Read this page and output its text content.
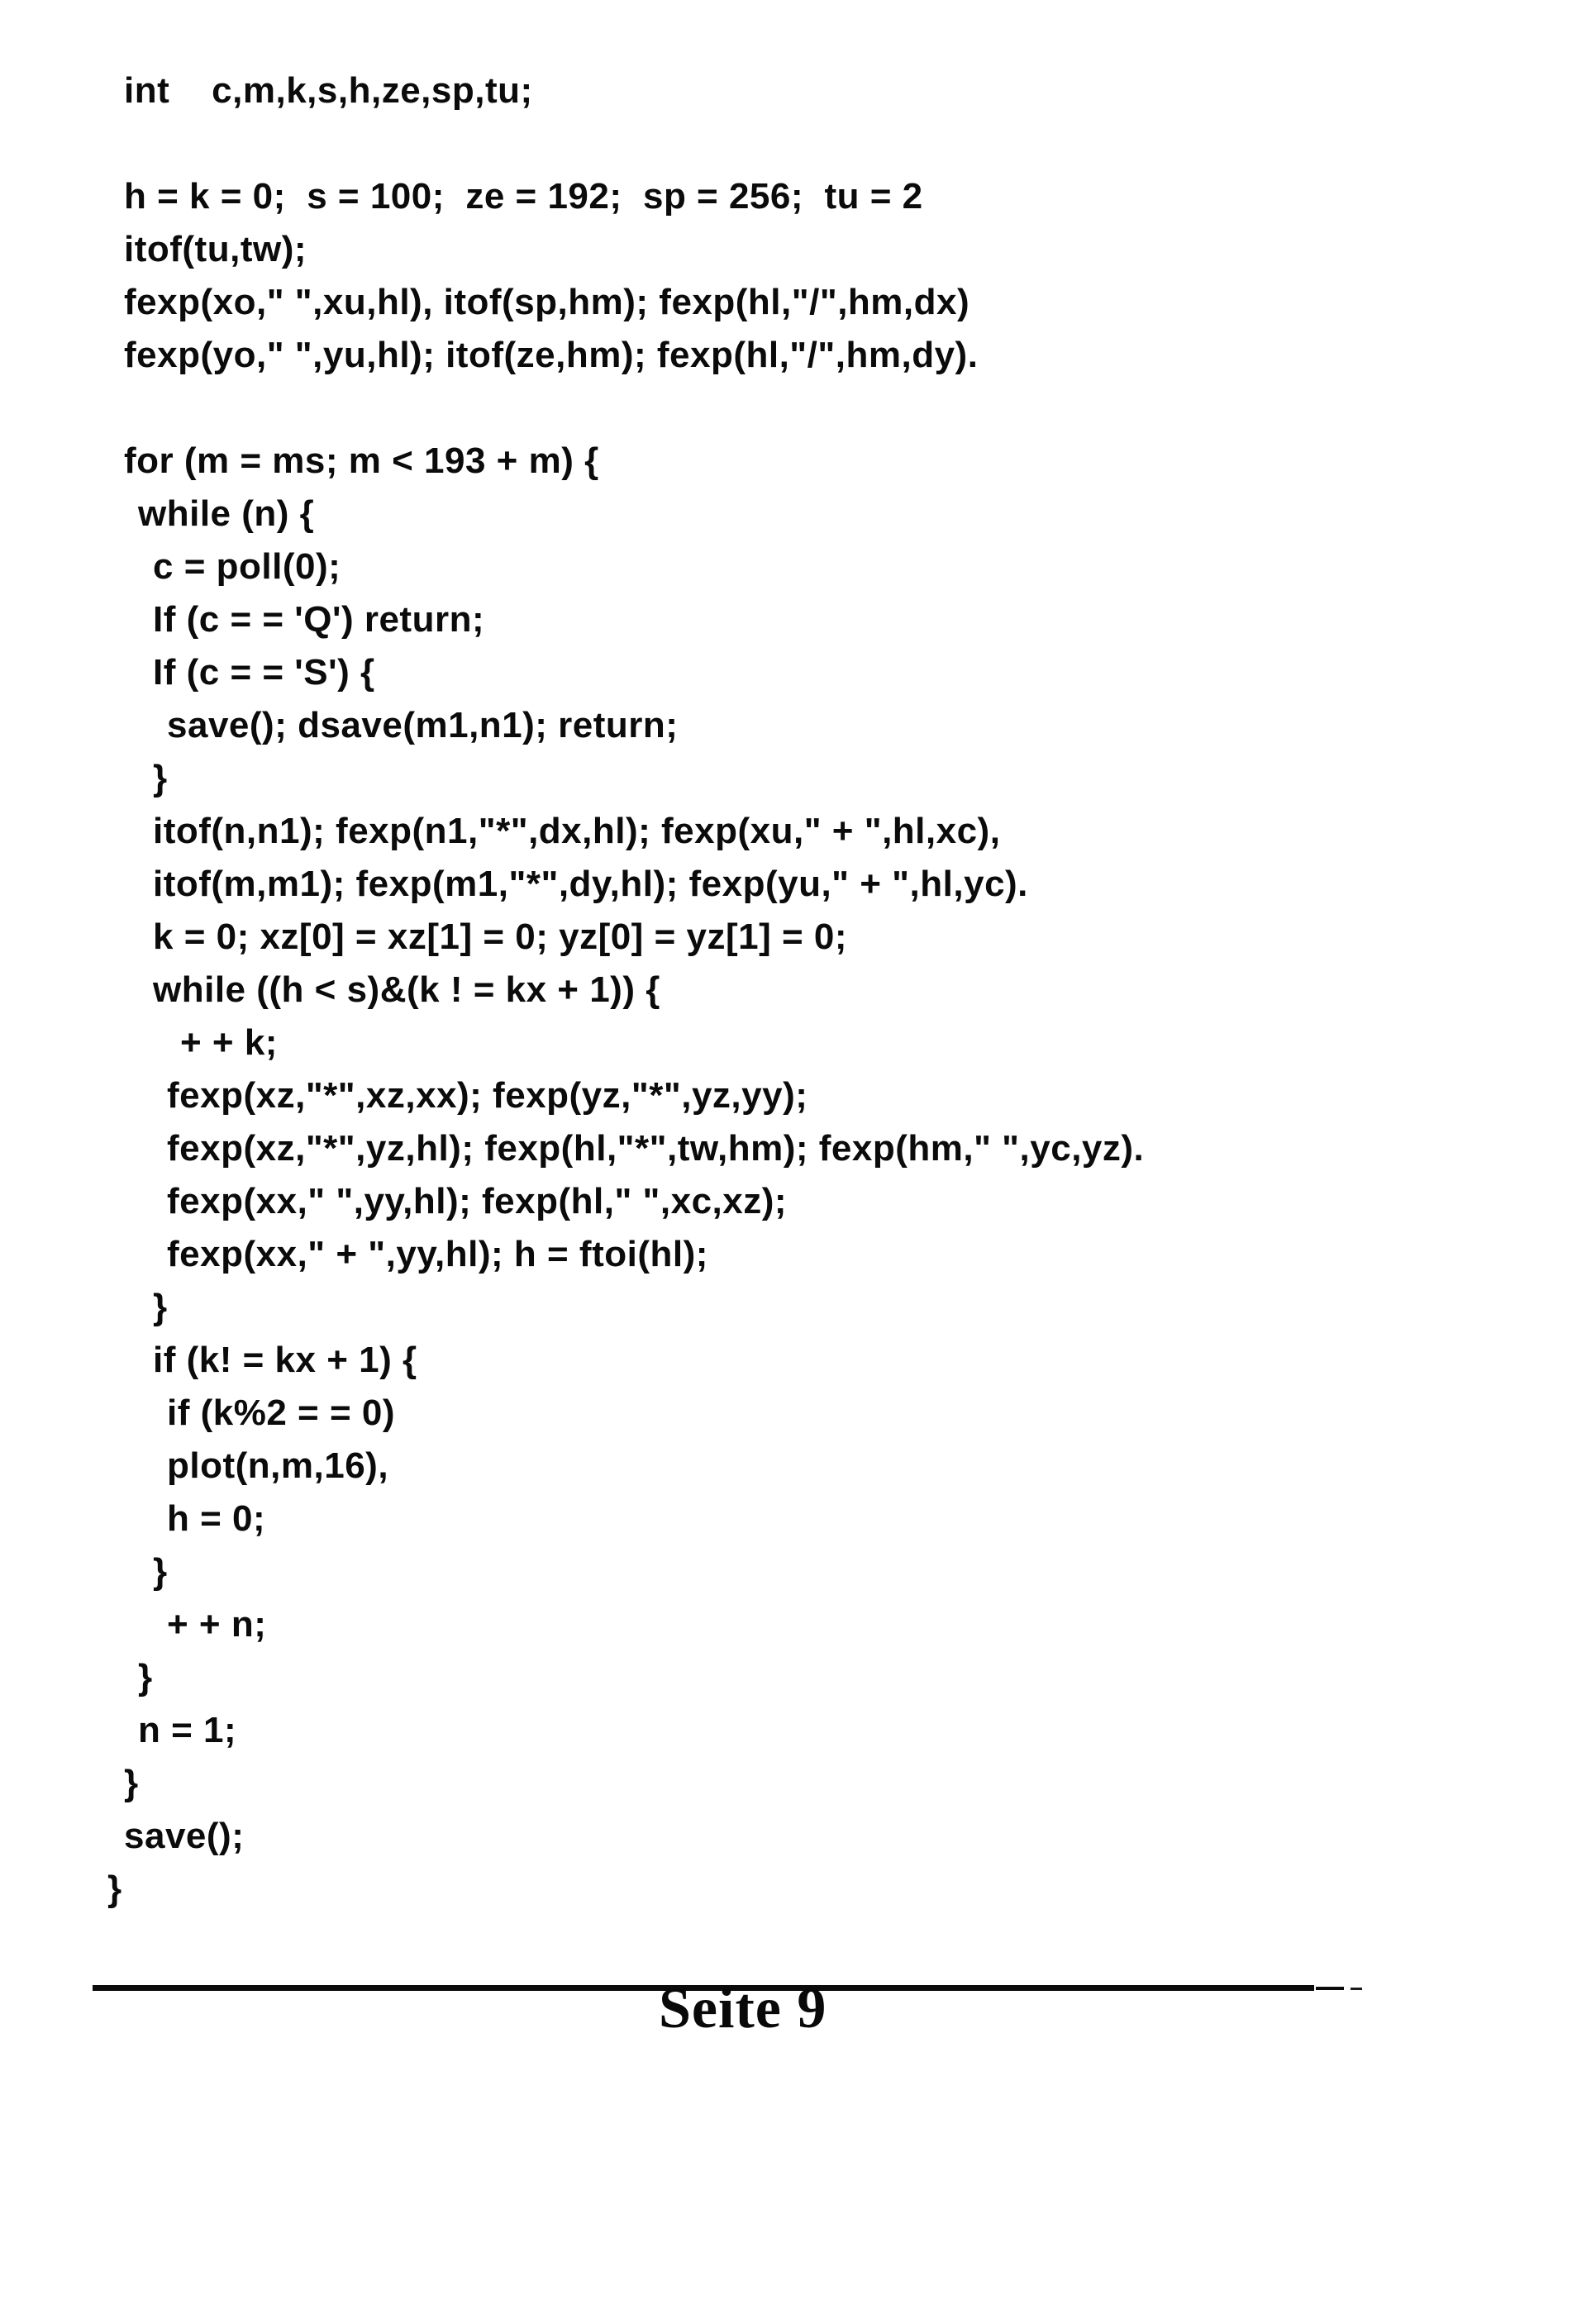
int    c,m,k,s,h,ze,sp,tu;

h = k = 0;  s = 100;  ze = 192;  sp = 256;  tu = 2
itof(tu,tw);
fexp(xo," ",xu,hl), itof(sp,hm); fexp(hl,"/",hm,dx)
fexp(yo," ",yu,hl); itof(ze,hm); fexp(hl,"/",hm,dy).

for (m = ms; m < 193 + m) {
while (n) {
c = poll(0);
If (c = = 'Q') return;
If (c = = 'S') {
save(); dsave(m1,n1); return;
}
itof(n,n1); fexp(n1,"*",dx,hl); fexp(xu," + ",hl,xc),
itof(m,m1); fexp(m1,"*",dy,hl); fexp(yu," + ",hl,yc).
k = 0; xz[0] = xz[1] = 0; yz[0] = yz[1] = 0;
while ((h < s)&(k ! = kx + 1)) {
+ + k;
fexp(xz,"*",xz,xx); fexp(yz,"*",yz,yy);
fexp(xz,"*",yz,hl); fexp(hl,"*",tw,hm); fexp(hm," ",yc,yz).
fexp(xx," ",yy,hl); fexp(hl," ",xc,xz);
fexp(xx," + ",yy,hl); h = ftoi(hl);
}
if (k! = kx + 1) {
if (k%2 = = 0)
plot(n,m,16),
h = 0;
}
+ + n;
}
n = 1;
}
save();
}
Seite 9
